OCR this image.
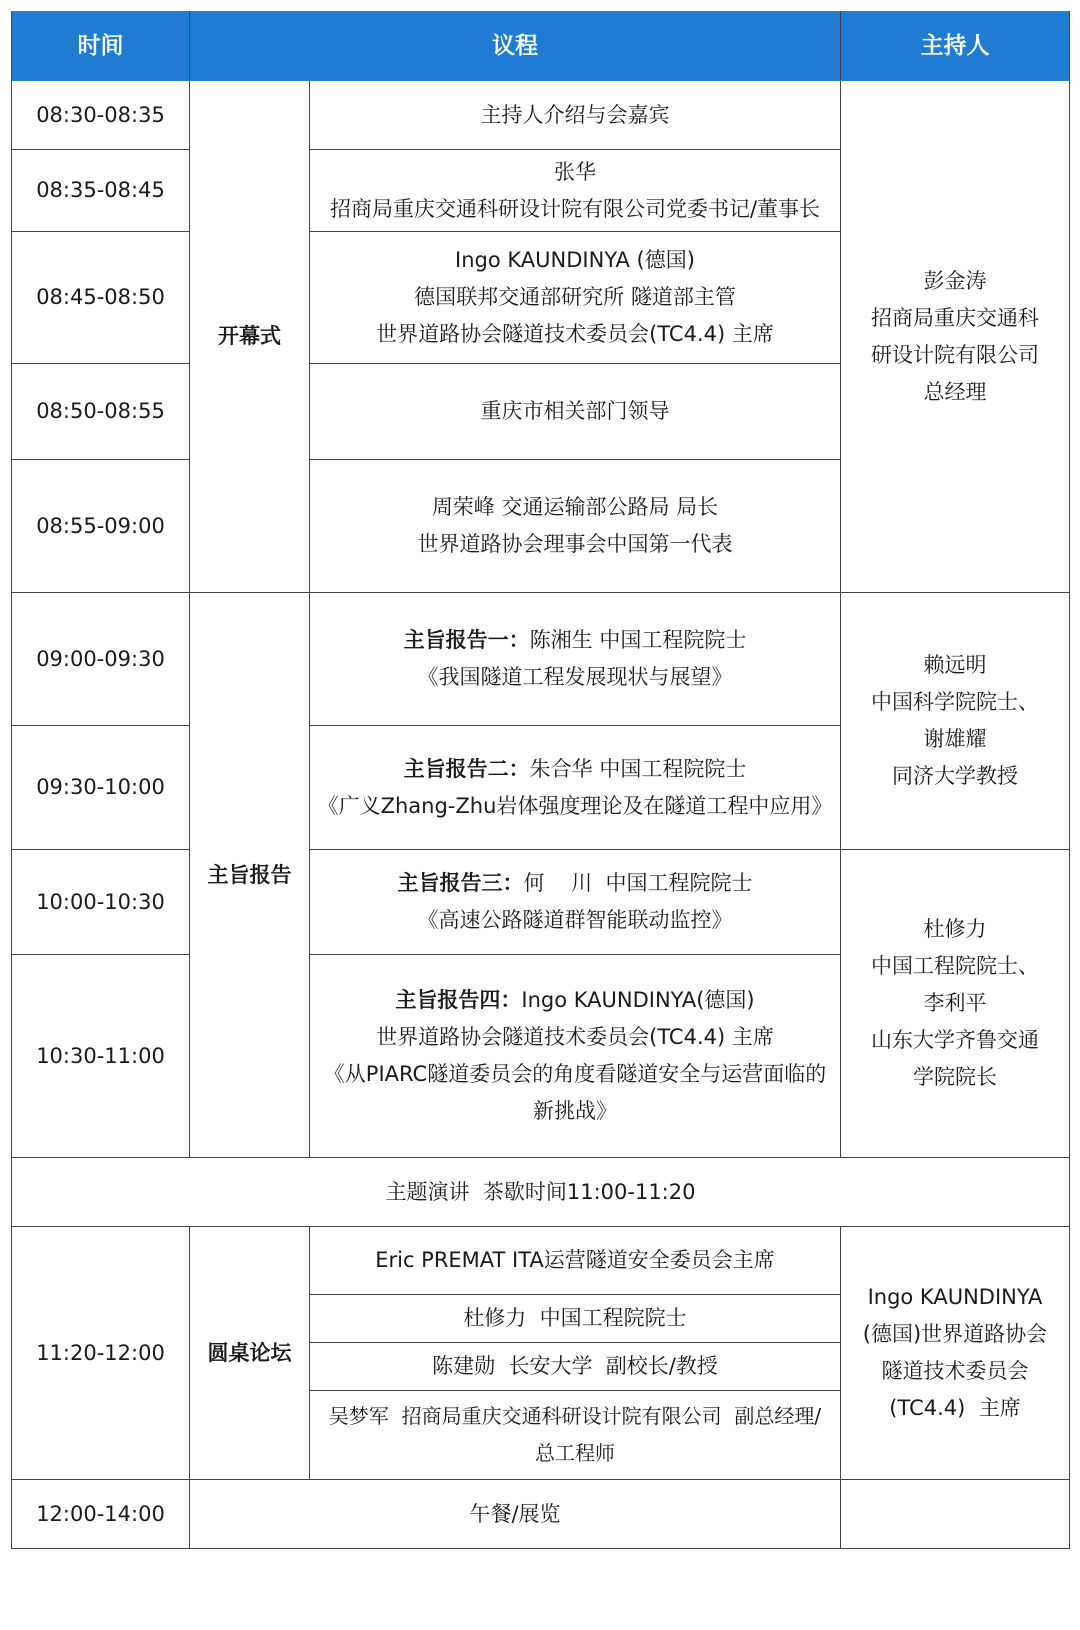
时间	议程		主持人
08:30-08:35	开幕式	主持人介绍与会嘉宾	彭金涛
招商局重庆交通科
研设计院有限公司
总经理

08:35-08:45		张华
招商局重庆交通科研设计院有限公司党委书记/董事长	

08:45-08:50		Ingo KAUNDINYA (德国)
德国联邦交通部研究所 隧道部主管
世界道路协会隧道技术委员会(TC4.4) 主席	

08:50-08:55		重庆市相关部门领导	

08:55-09:00		周荣峰 交通运输部公路局 局长
世界道路协会理事会中国第一代表	

09:00-09:30	主旨报告	主旨报告一：陈湘生 中国工程院院士
《我国隧道工程发展现状与展望》	赖远明
中国科学院院士、
谢雄耀
同济大学教授

09:30-10:00		主旨报告二：朱合华 中国工程院院士
《广义Zhang-Zhu岩体强度理论及在隧道工程中应用》	

10:00-10:30		主旨报告三：何    川  中国工程院院士
《高速公路隧道群智能联动监控》	杜修力
中国工程院院士、
李利平
山东大学齐鲁交通
学院院长

10:30-11:00		主旨报告四：Ingo KAUNDINYA(德国)
世界道路协会隧道技术委员会(TC4.4) 主席
《从PIARC隧道委员会的角度看隧道安全与运营面临的
新挑战》	

主题演讲  茶歇时间11:00-11:20			
11:20-12:00	圆桌论坛	Eric PREMAT ITA运营隧道安全委员会主席	Ingo KAUNDINYA
(德国)世界道路协会
隧道技术委员会
(TC4.4)  主席

		杜修力  中国工程院院士	

		陈建勋  长安大学  副校长/教授	

		吴梦军  招商局重庆交通科研设计院有限公司  副总经理/
总工程师	

12:00-14:00	午餐/展览		
